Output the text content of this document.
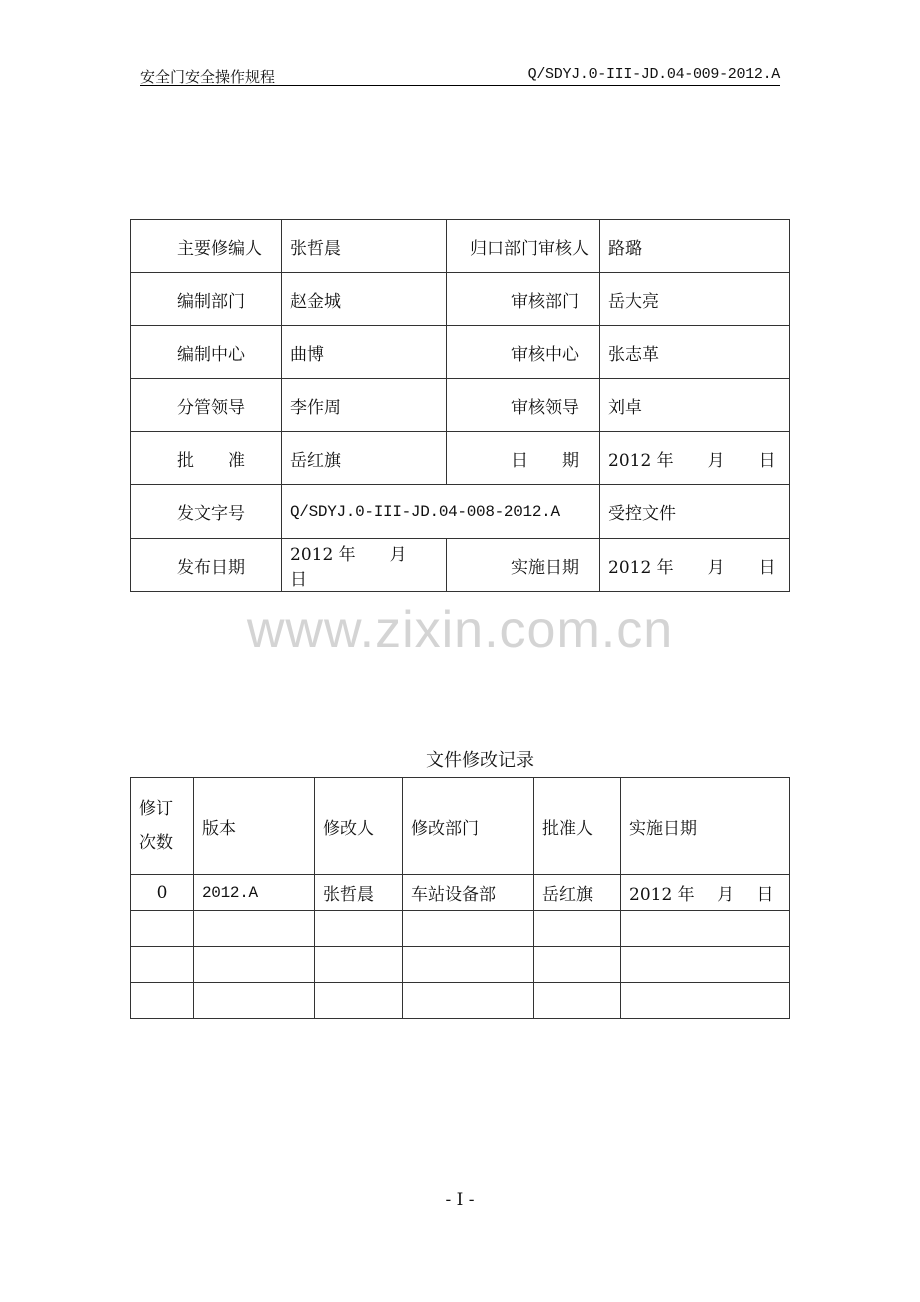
安全门安全操作规程	Q/SDYJ.0-III-JD.04-009-2012.A
主要修编人	张哲晨	归口部门审核人	路璐
编制部门	赵金城	审核部门	岳大亮
编制中心	曲博	审核中心	张志革
分管领导	李作周	审核领导	刘卓
批　　准	岳红旗	日　　期	2012 年　　月　　日
发文字号	Q/SDYJ.0-III-JD.04-008-2012.A		受控文件
发布日期	2012 年　　月　　日	实施日期	2012 年　　月　　日
www.zixin.com.cn
文件修改记录
修订
次数	版本	修改人	修改部门	批准人	实施日期
0	2012.A	张哲晨	车站设备部	岳红旗	2012 年　 月　 日

- I -
